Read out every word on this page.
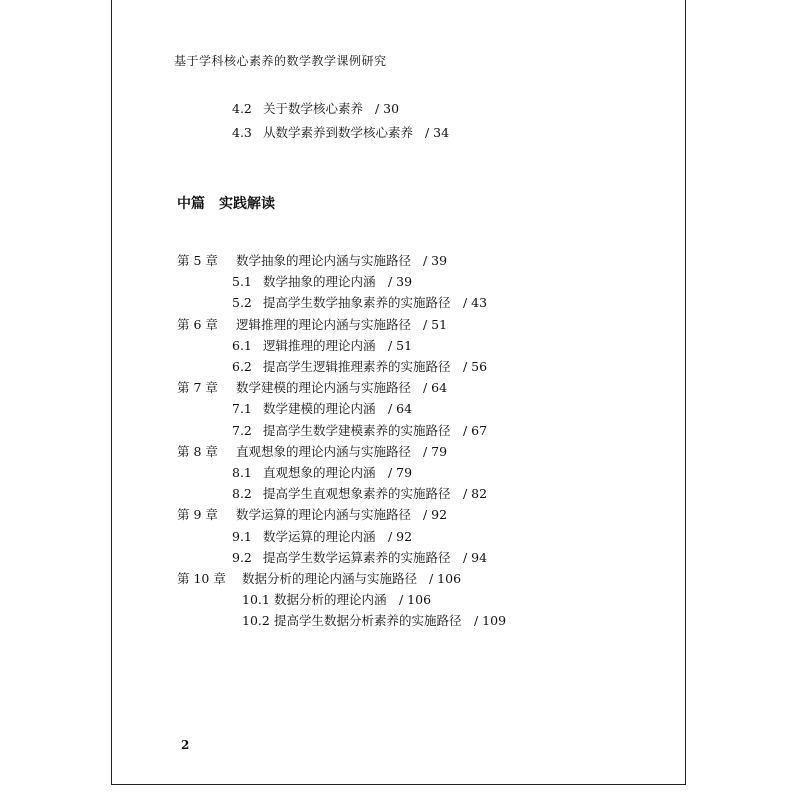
基于学科核心素养的数学教学课例研究
4.2 关于数学核心素养 / 30
4.3 从数学素养到数学核心素养 / 34
中篇　实践解读
第 5 章 数学抽象的理论内涵与实施路径 / 39
5.1 数学抽象的理论内涵 / 39
5.2 提高学生数学抽象素养的实施路径 / 43
第 6 章 逻辑推理的理论内涵与实施路径 / 51
6.1 逻辑推理的理论内涵 / 51
6.2 提高学生逻辑推理素养的实施路径 / 56
第 7 章 数学建模的理论内涵与实施路径 / 64
7.1 数学建模的理论内涵 / 64
7.2 提高学生数学建模素养的实施路径 / 67
第 8 章 直观想象的理论内涵与实施路径 / 79
8.1 直观想象的理论内涵 / 79
8.2 提高学生直观想象素养的实施路径 / 82
第 9 章 数学运算的理论内涵与实施路径 / 92
9.1 数学运算的理论内涵 / 92
9.2 提高学生数学运算素养的实施路径 / 94
第 10 章 数据分析的理论内涵与实施路径 / 106
10.1 数据分析的理论内涵 / 106
10.2 提高学生数据分析素养的实施路径 / 109
2
